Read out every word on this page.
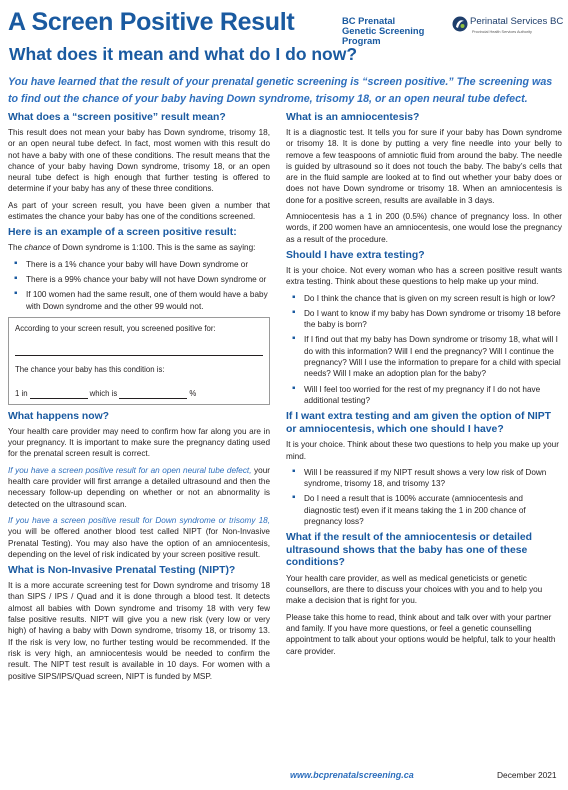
A Screen Positive Result
What does it mean and what do I do now?
BC Prenatal
Genetic Screening
Program
Perinatal Services BC
Provincial Health Services Authority
You have learned that the result of your prenatal genetic screening is “screen positive.” The screening was
to find out the chance of your baby having Down syndrome, trisomy 18, or an open neural tube defect.
What does a “screen positive” result mean?

This result does not mean your baby has Down syndrome, trisomy 18, or an open neural tube defect. In fact, most women with this result do not have a baby with one of these conditions. The result means that the chance of your baby having Down syndrome, trisomy 18, or an open neural tube defect is high enough that further testing is offered to determine if your baby has any of these three conditions.

As part of your screen result, you have been given a number that estimates the chance your baby has one of the conditions screened.

Here is an example of a screen positive result:

The chance of Down syndrome is 1:100. This is the same as saying:

▪ There is a 1% chance your baby will have Down syndrome or
▪ There is a 99% chance your baby will not have Down syndrome or
▪ If 100 women had the same result, one of them would have a baby with Down syndrome and the other 99 would not.
According to your screen result, you screened positive for:
The chance your baby has this condition is:
1 in	which is	%
What happens now?

Your health care provider may need to confirm how far along you are in your pregnancy. It is important to make sure the pregnancy dating used for the prenatal screen result is correct.

If you have a screen positive result for an open neural tube defect, your health care provider will first arrange a detailed ultrasound and then the necessary follow-up depending on whether or not an abnormality is detected on the ultrasound scan.

If you have a screen positive result for Down syndrome or trisomy 18, you will be offered another blood test called NIPT (for Non-Invasive Prenatal Testing). You may also have the option of an amniocentesis, depending on the level of risk indicated by your screen positive result.

What is Non-Invasive Prenatal Testing (NIPT)?

It is a more accurate screening test for Down syndrome and trisomy 18 than SIPS / IPS / Quad and it is done through a blood test. It detects almost all babies with Down syndrome and trisomy 18 with very few false positive results. NIPT will give you a new risk (very low or very high) of having a baby with Down syndrome, trisomy 18, or trisomy 13. If the risk is very low, no further testing would be recommended. If the risk is very high, an amniocentesis would be needed to confirm the result. The NIPT test result is available in 10 days. For women with a positive SIPS/IPS/Quad screen, NIPT is funded by MSP.

What is an amniocentesis?

It is a diagnostic test. It tells you for sure if your baby has Down syndrome or trisomy 18. It is done by putting a very fine needle into your belly to remove a few teaspoons of amniotic fluid from around the baby. The needle is guided by ultrasound so it does not touch the baby. The baby’s cells that are in the fluid sample are looked at to find out whether your baby does or does not have Down syndrome or trisomy 18. When an amniocentesis is done for a positive screen, results are available in 3 days.

Amniocentesis has a 1 in 200 (0.5%) chance of pregnancy loss. In other words, if 200 women have an amniocentesis, one would lose the pregnancy as a result of the procedure.

Should I have extra testing?

It is your choice. Not every woman who has a screen positive result wants extra testing. Think about these questions to help make up your mind.

▪ Do I think the chance that is given on my screen result is high or low?
▪ Do I want to know if my baby has Down syndrome or trisomy 18 before the baby is born?
▪ If I find out that my baby has Down syndrome or trisomy 18, what will I do with this information? Will I end the pregnancy? Will I continue the pregnancy? Will I use the information to prepare for a child with special needs? Will I make an adoption plan for the baby?
▪ Will I feel too worried for the rest of my pregnancy if I do not have additional testing?
If I want extra testing and am given the option of NIPT or amniocentesis, which one should I have?

It is your choice. Think about these two questions to help you make up your mind.

▪ Will I be reassured if my NIPT result shows a very low risk of Down syndrome, trisomy 18, and trisomy 13?
▪ Do I need a result that is 100% accurate (amniocentesis and diagnostic test) even if it means taking the 1 in 200 chance of pregnancy loss?
What if the result of the amniocentesis or detailed ultrasound shows that the baby has one of these conditions?

Your health care provider, as well as medical geneticists or genetic counsellors, are there to discuss your choices with you and to help you make a decision that is right for you.

Please take this home to read, think about and talk over with your partner and family. If you have more questions, or feel a genetic counselling appointment to talk about your options would be helpful, talk to your health care provider.

www.bcprenatalscreening.ca	December 2021
